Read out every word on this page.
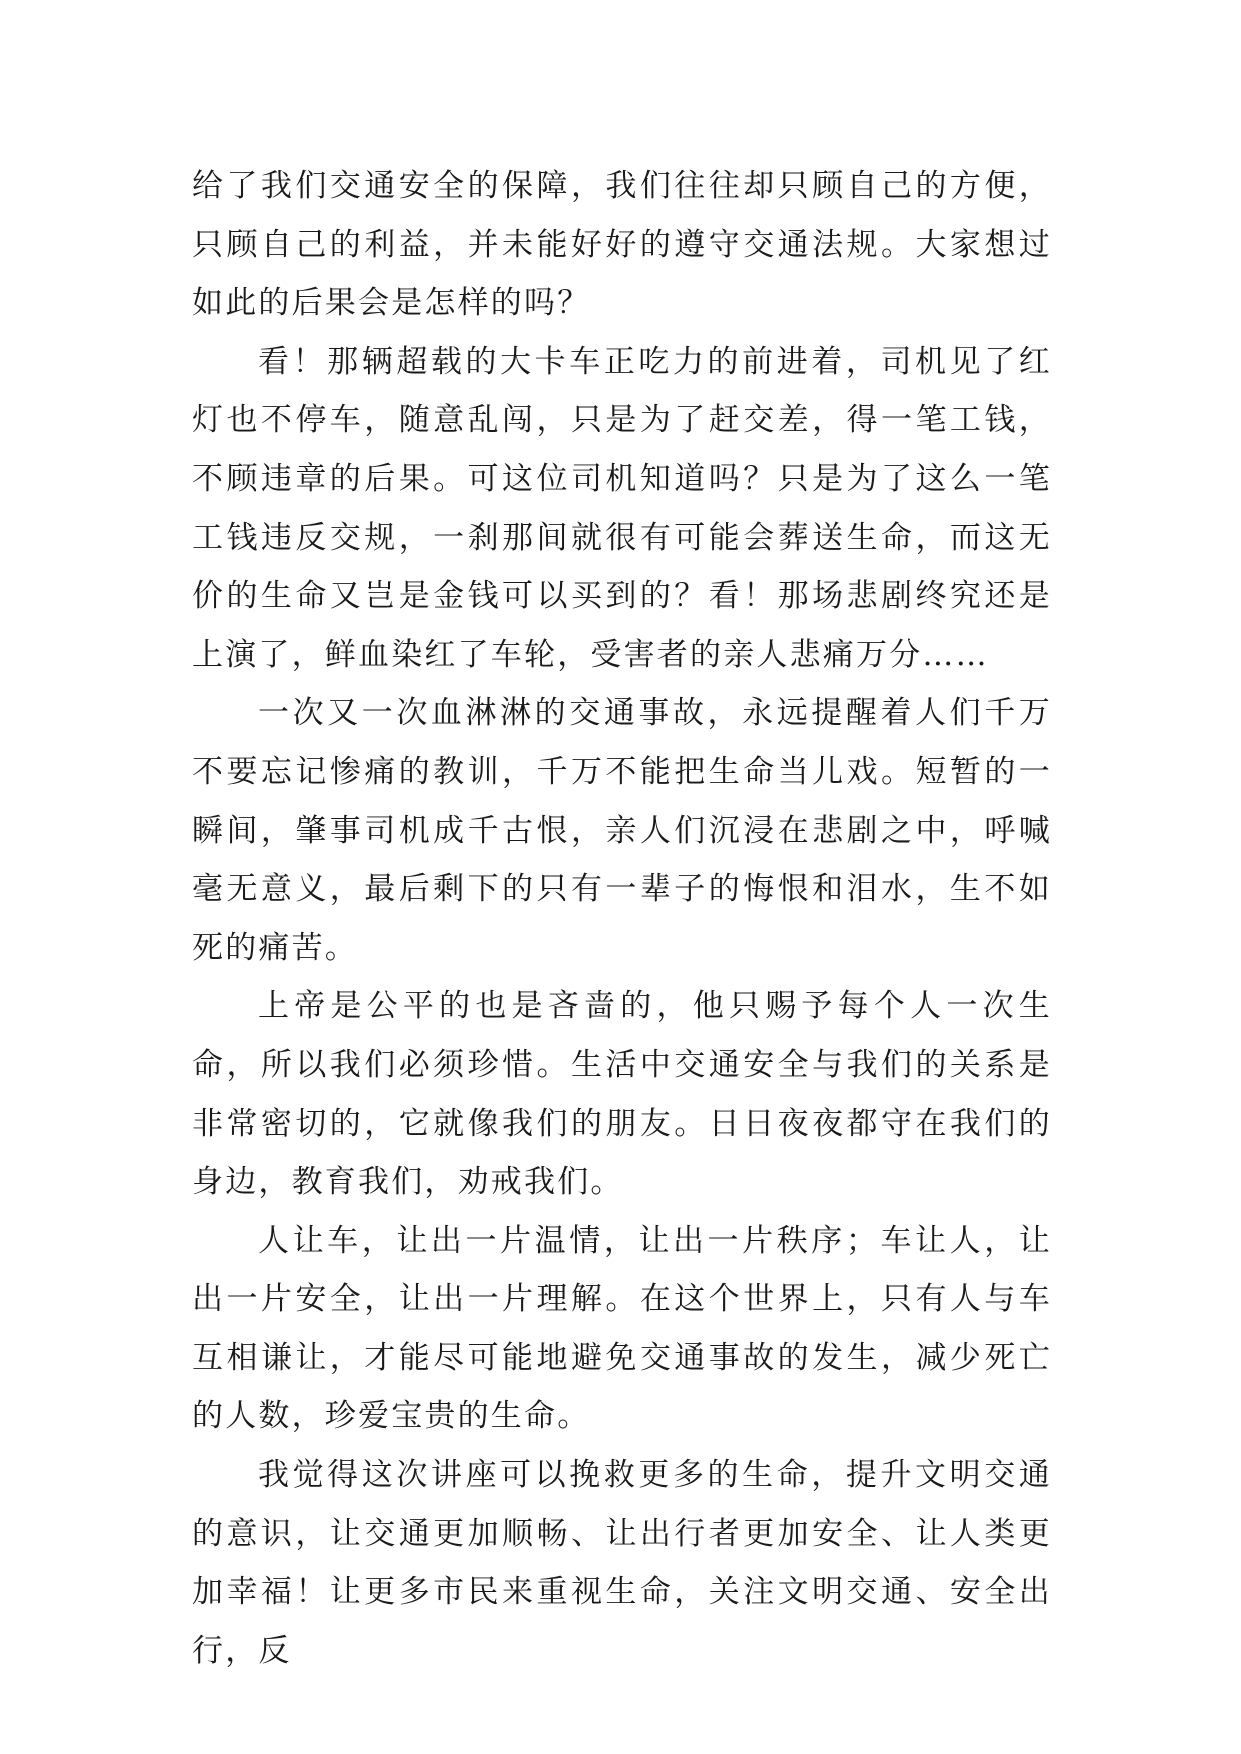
给了我们交通安全的保障，我们往往却只顾自己的方便，只顾自己的利益，并未能好好的遵守交通法规。大家想过如此的后果会是怎样的吗？

看！那辆超载的大卡车正吃力的前进着，司机见了红灯也不停车，随意乱闯，只是为了赶交差，得一笔工钱，不顾违章的后果。可这位司机知道吗？只是为了这么一笔工钱违反交规，一刹那间就很有可能会葬送生命，而这无价的生命又岂是金钱可以买到的？看！那场悲剧终究还是上演了，鲜血染红了车轮，受害者的亲人悲痛万分……

一次又一次血淋淋的交通事故，永远提醒着人们千万不要忘记惨痛的教训，千万不能把生命当儿戏。短暂的一瞬间，肇事司机成千古恨，亲人们沉浸在悲剧之中，呼喊毫无意义，最后剩下的只有一辈子的悔恨和泪水，生不如死的痛苦。

上帝是公平的也是吝啬的，他只赐予每个人一次生命，所以我们必须珍惜。生活中交通安全与我们的关系是非常密切的，它就像我们的朋友。日日夜夜都守在我们的身边，教育我们，劝戒我们。

人让车，让出一片温情，让出一片秩序；车让人，让出一片安全，让出一片理解。在这个世界上，只有人与车互相谦让，才能尽可能地避免交通事故的发生，减少死亡的人数，珍爱宝贵的生命。

我觉得这次讲座可以挽救更多的生命，提升文明交通的意识，让交通更加顺畅、让出行者更加安全、让人类更加幸福！让更多市民来重视生命，关注文明交通、安全出行，反
